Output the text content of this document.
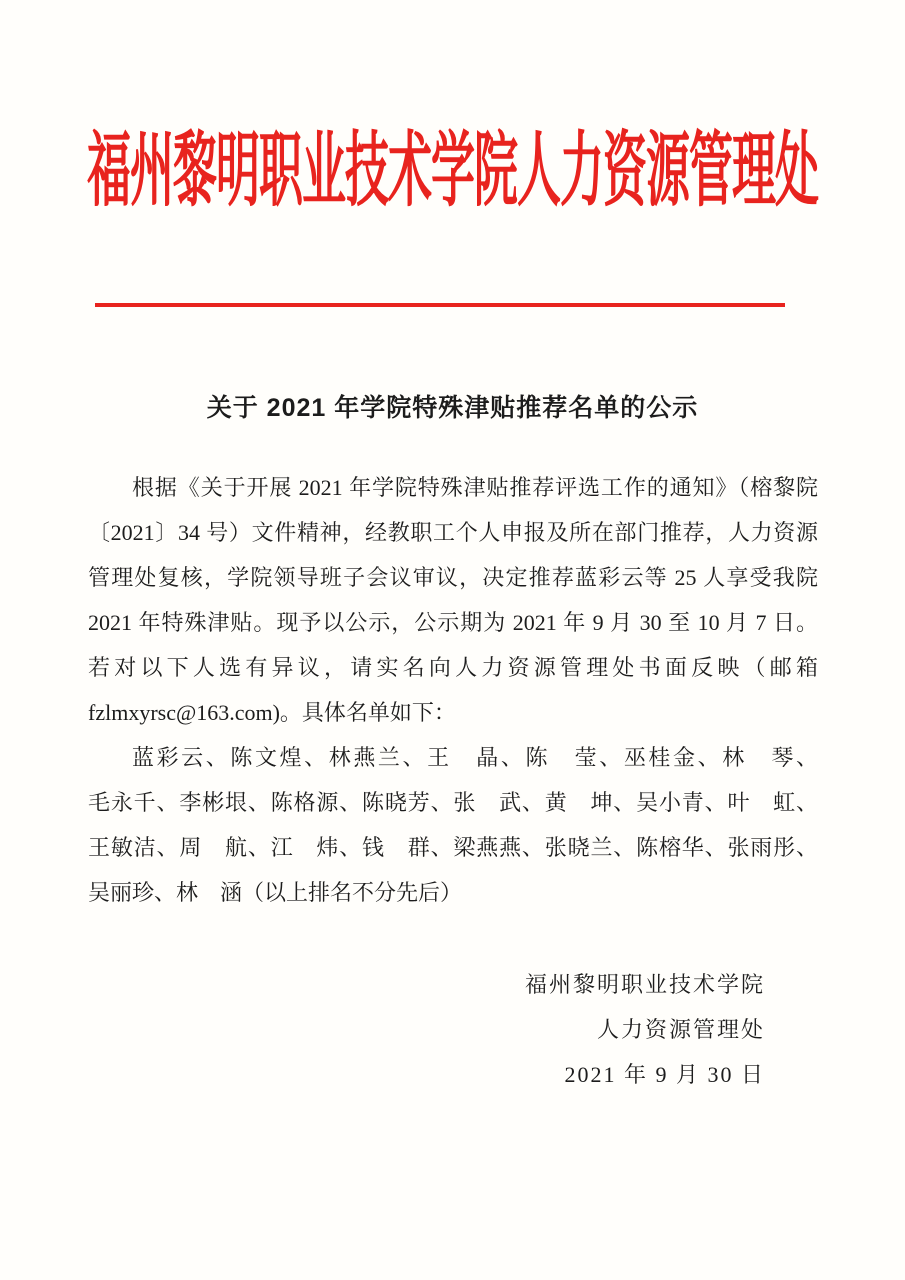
福州黎明职业技术学院人力资源管理处
关于 2021 年学院特殊津贴推荐名单的公示
根据《关于开展 2021 年学院特殊津贴推荐评选工作的通知》（榕黎院
〔2021〕34 号）文件精神，经教职工个人申报及所在部门推荐，人力资源
管理处复核，学院领导班子会议审议，决定推荐蓝彩云等 25 人享受我院
2021 年特殊津贴。现予以公示，公示期为 2021 年 9 月 30 至 10 月 7 日。
若对以下人选有异议，请实名向人力资源管理处书面反映（邮箱
fzlmxyrsc@163.com)。具体名单如下：
蓝彩云、陈文煌、林燕兰、王　晶、陈　莹、巫桂金、林　琴、
毛永千、李彬垠、陈格源、陈晓芳、张　武、黄　坤、吴小青、叶　虹、
王敏洁、周　航、江　炜、钱　群、梁燕燕、张晓兰、陈榕华、张雨彤、
吴丽珍、林　涵（以上排名不分先后）
福州黎明职业技术学院
人力资源管理处
2021 年 9 月 30 日
